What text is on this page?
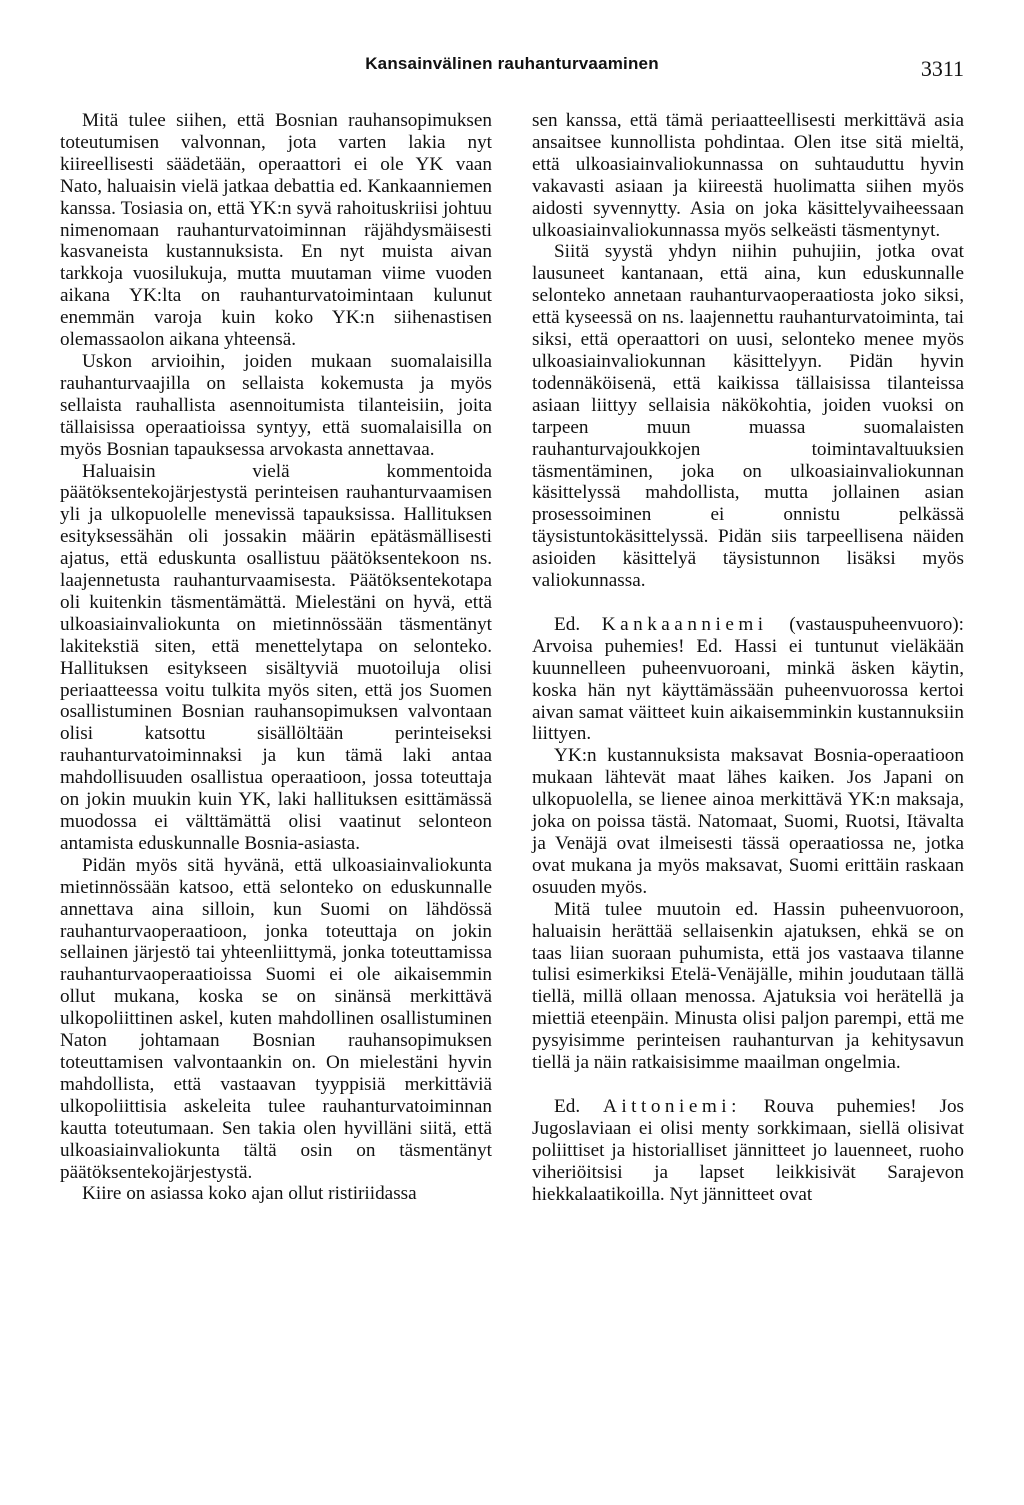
Kansainvälinen rauhanturvaaminen	3311

Mitä tulee siihen, että Bosnian rauhansopimuksen toteutumisen valvonnan, jota varten lakia nyt kiireellisesti säädetään, operaattori ei ole YK vaan Nato, haluaisin vielä jatkaa debattia ed. Kankaanniemen kanssa. Tosiasia on, että YK:n syvä rahoituskriisi johtuu nimenomaan rauhanturvatoiminnan räjähdysmäisesti kasvaneista kustannuksista. En nyt muista aivan tarkkoja vuosilukuja, mutta muutaman viime vuoden aikana YK:lta on rauhanturvatoimintaan kulunut enemmän varoja kuin koko YK:n siihenastisen olemassaolon aikana yhteensä.

Uskon arvioihin, joiden mukaan suomalaisilla rauhanturvaajilla on sellaista kokemusta ja myös sellaista rauhallista asennoitumista tilanteisiin, joita tällaisissa operaatioissa syntyy, että suomalaisilla on myös Bosnian tapauksessa arvokasta annettavaa.

Haluaisin vielä kommentoida päätöksentekojärjestystä perinteisen rauhanturvaamisen yli ja ulkopuolelle menevissä tapauksissa. Hallituksen esityksessähän oli jossakin määrin epätäsmällisesti ajatus, että eduskunta osallistuu päätöksentekoon ns. laajennetusta rauhanturvaamisesta. Päätöksentekotapa oli kuitenkin täsmentämättä. Mielestäni on hyvä, että ulkoasiainvaliokunta on mietinnössään täsmentänyt lakitekstiä siten, että menettelytapa on selonteko. Hallituksen esitykseen sisältyviä muotoiluja olisi periaatteessa voitu tulkita myös siten, että jos Suomen osallistuminen Bosnian rauhansopimuksen valvontaan olisi katsottu sisällöltään perinteiseksi rauhanturvatoiminnaksi ja kun tämä laki antaa mahdollisuuden osallistua operaatioon, jossa toteuttaja on jokin muukin kuin YK, laki hallituksen esittämässä muodossa ei välttämättä olisi vaatinut selonteon antamista eduskunnalle Bosnia-asiasta.

Pidän myös sitä hyvänä, että ulkoasiainvaliokunta mietinnössään katsoo, että selonteko on eduskunnalle annettava aina silloin, kun Suomi on lähdössä rauhanturvaoperaatioon, jonka toteuttaja on jokin sellainen järjestö tai yhteenliittymä, jonka toteuttamissa rauhanturvaoperaatioissa Suomi ei ole aikaisemmin ollut mukana, koska se on sinänsä merkittävä ulkopoliittinen askel, kuten mahdollinen osallistuminen Naton johtamaan Bosnian rauhansopimuksen toteuttamisen valvontaankin on. On mielestäni hyvin mahdollista, että vastaavan tyyppisiä merkittäviä ulkopoliittisia askeleita tulee rauhanturvatoiminnan kautta toteutumaan. Sen takia olen hyvilläni siitä, että ulkoasiainvaliokunta tältä osin on täsmentänyt päätöksentekojärjestystä.

Kiire on asiassa koko ajan ollut ristiriidassa

sen kanssa, että tämä periaatteellisesti merkittävä asia ansaitsee kunnollista pohdintaa. Olen itse sitä mieltä, että ulkoasiainvaliokunnassa on suhtauduttu hyvin vakavasti asiaan ja kiireestä huolimatta siihen myös aidosti syvennytty. Asia on joka käsittelyvaiheessaan ulkoasiainvaliokunnassa myös selkeästi täsmentynyt.

Siitä syystä yhdyn niihin puhujiin, jotka ovat lausuneet kantanaan, että aina, kun eduskunnalle selonteko annetaan rauhanturvaoperaatiosta joko siksi, että kyseessä on ns. laajennettu rauhanturvatoiminta, tai siksi, että operaattori on uusi, selonteko menee myös ulkoasiainvaliokunnan käsittelyyn. Pidän hyvin todennäköisenä, että kaikissa tällaisissa tilanteissa asiaan liittyy sellaisia näkökohtia, joiden vuoksi on tarpeen muun muassa suomalaisten rauhanturvajoukkojen toimintavaltuuksien täsmentäminen, joka on ulkoasiainvaliokunnan käsittelyssä mahdollista, mutta jollainen asian prosessoiminen ei onnistu pelkässä täysistuntokäsittelyssä. Pidän siis tarpeellisena näiden asioiden käsittelyä täysistunnon lisäksi myös valiokunnassa.

Ed. Kankaanniemi (vastauspuheenvuoro): Arvoisa puhemies! Ed. Hassi ei tuntunut vieläkään kuunnelleen puheenvuoroani, minkä äsken käytin, koska hän nyt käyttämässään puheenvuorossa kertoi aivan samat väitteet kuin aikaisemminkin kustannuksiin liittyen.

YK:n kustannuksista maksavat Bosnia-operaatioon mukaan lähtevät maat lähes kaiken. Jos Japani on ulkopuolella, se lienee ainoa merkittävä YK:n maksaja, joka on poissa tästä. Natomaat, Suomi, Ruotsi, Itävalta ja Venäjä ovat ilmeisesti tässä operaatiossa ne, jotka ovat mukana ja myös maksavat, Suomi erittäin raskaan osuuden myös.

Mitä tulee muutoin ed. Hassin puheenvuoroon, haluaisin herättää sellaisenkin ajatuksen, ehkä se on taas liian suoraan puhumista, että jos vastaava tilanne tulisi esimerkiksi Etelä-Venäjälle, mihin joudutaan tällä tiellä, millä ollaan menossa. Ajatuksia voi herätellä ja miettiä eteenpäin. Minusta olisi paljon parempi, että me pysyisimme perinteisen rauhanturvan ja kehitysavun tiellä ja näin ratkaisisimme maailman ongelmia.

Ed. Aittoniemi: Rouva puhemies! Jos Jugoslaviaan ei olisi menty sorkkimaan, siellä olisivat poliittiset ja historialliset jännitteet jo lauenneet, ruoho viheriöitsisi ja lapset leikkisivät Sarajevon hiekkalaatikoilla. Nyt jännitteet ovat
